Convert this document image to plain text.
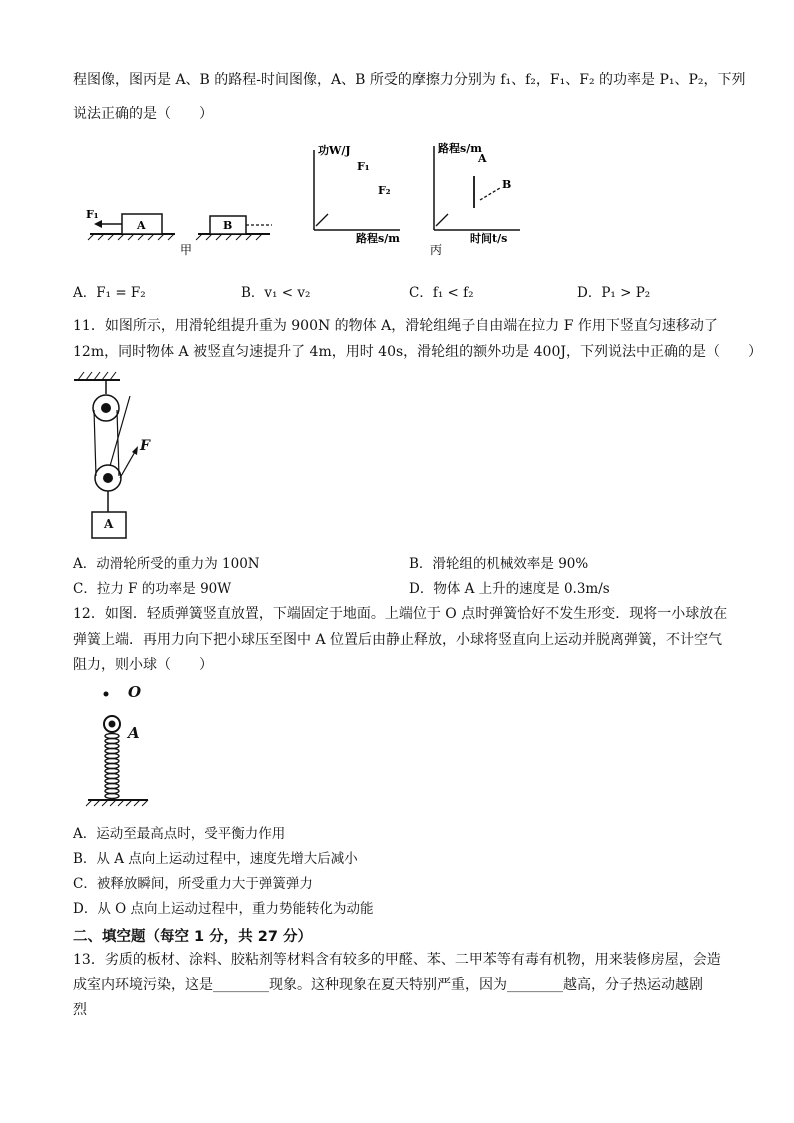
程图像，图丙是 A、B 的路程-时间图像，A、B 所受的摩擦力分别为 f₁、f₂，F₁、F₂ 的功率是 P₁、P₂，下列
说法正确的是（　　）
F₁
A	B
甲
功W/J
路程s/m
F₁
F₂
路程s/m
时间t/s
A
B
丙
A．F₁ = F₂	B．v₁ < v₂	C．f₁ < f₂	D．P₁ > P₂
11．如图所示，用滑轮组提升重为 900N 的物体 A，滑轮组绳子自由端在拉力 F 作用下竖直匀速移动了
12m，同时物体 A 被竖直匀速提升了 4m，用时 40s，滑轮组的额外功是 400J，下列说法中正确的是（　　）
F
A
A．动滑轮所受的重力为 100N	B．滑轮组的机械效率是 90%
C．拉力 F 的功率是 90W	D．物体 A 上升的速度是 0.3m/s
12．如图．轻质弹簧竖直放置，下端固定于地面。上端位于 O 点时弹簧恰好不发生形变．现将一小球放在
弹簧上端．再用力向下把小球压至图中 A 位置后由静止释放，小球将竖直向上运动并脱离弹簧，不计空气
阻力，则小球（　　）
O
A
A．运动至最高点时，受平衡力作用
B．从 A 点向上运动过程中，速度先增大后减小
C．被释放瞬间，所受重力大于弹簧弹力
D．从 O 点向上运动过程中，重力势能转化为动能
二、填空题（每空 1 分，共 27 分）
13．劣质的板材、涂料、胶粘剂等材料含有较多的甲醛、苯、二甲苯等有毒有机物，用来装修房屋，会造
成室内环境污染，这是________现象。这种现象在夏天特别严重，因为________越高，分子热运动越剧
烈
